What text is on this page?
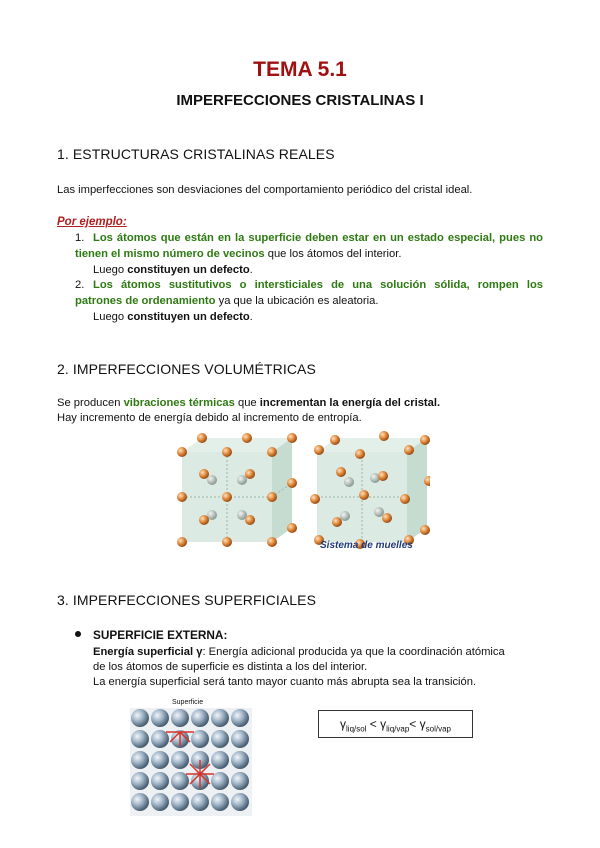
TEMA 5.1
IMPERFECCIONES CRISTALINAS I
1. ESTRUCTURAS CRISTALINAS REALES
Las imperfecciones son desviaciones del comportamiento periódico del cristal ideal.
Por ejemplo:
1. Los átomos que están en la superficie deben estar en un estado especial, pues no tienen el mismo número de vecinos que los átomos del interior.
Luego constituyen un defecto.
2. Los átomos sustitutivos o intersticiales de una solución sólida, rompen los patrones de ordenamiento ya que la ubicación es aleatoria.
Luego constituyen un defecto.
2. IMPERFECCIONES VOLUMÉTRICAS
Se producen vibraciones térmicas que incrementan la energía del cristal.
Hay incremento de energía debido al incremento de entropía.
Sistema de muelles
3. IMPERFECCIONES SUPERFICIALES
SUPERFICIE EXTERNA:
Energía superficial γ: Energía adicional producida ya que la coordinación atómica
de los átomos de superficie es distinta a los del interior.
La energía superficial será tanto mayor cuanto más abrupta sea la transición.
Superficie
$\gamma_{liq/sol} < \gamma_{liq/vap}< \gamma_{sol/vap}$
